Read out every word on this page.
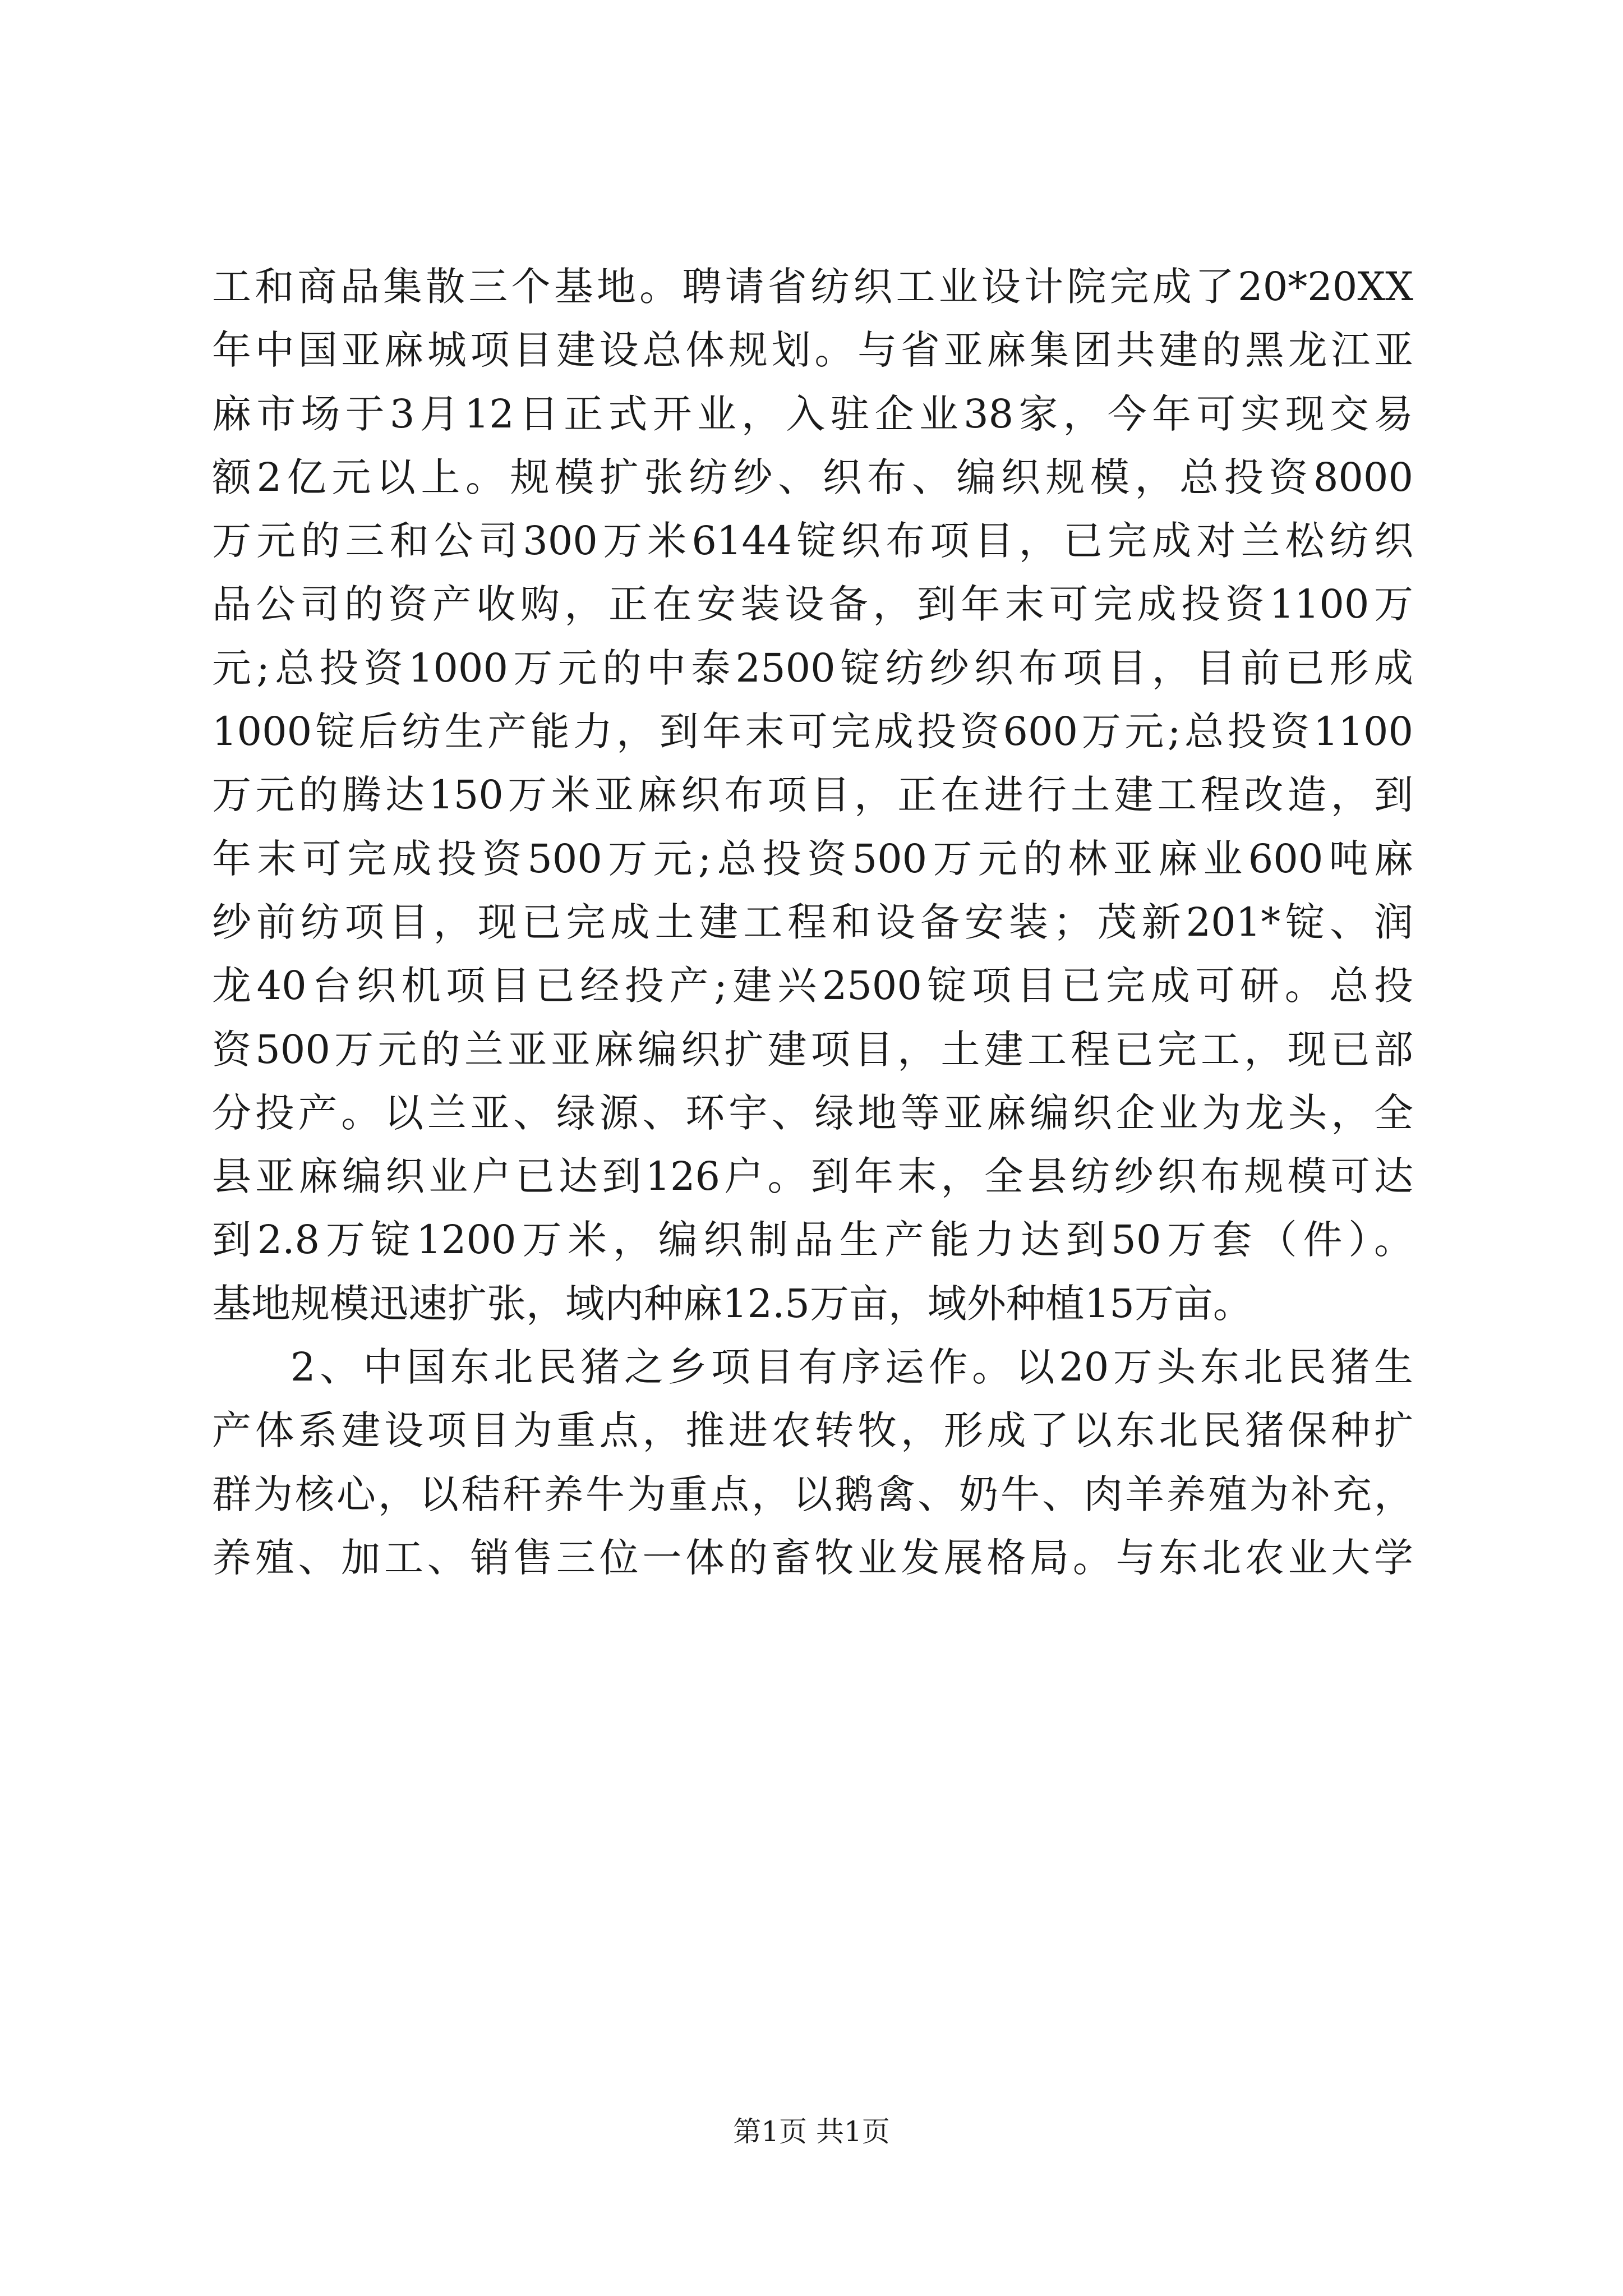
工和商品集散三个基地。聘请省纺织工业设计院完成了20*20XX
年中国亚麻城项目建设总体规划。与省亚麻集团共建的黑龙江亚
麻市场于3月12日正式开业，入驻企业38家，今年可实现交易
额2亿元以上。规模扩张纺纱、织布、编织规模，总投资8000
万元的三和公司300万米6144锭织布项目，已完成对兰松纺织
品公司的资产收购，正在安装设备，到年末可完成投资1100万
元;总投资1000万元的中泰2500锭纺纱织布项目，目前已形成
1000锭后纺生产能力，到年末可完成投资600万元;总投资1100
万元的腾达150万米亚麻织布项目，正在进行土建工程改造，到
年末可完成投资500万元;总投资500万元的林亚麻业600吨麻
纱前纺项目，现已完成土建工程和设备安装；茂新201*锭、润
龙40台织机项目已经投产;建兴2500锭项目已完成可研。总投
资500万元的兰亚亚麻编织扩建项目，土建工程已完工，现已部
分投产。以兰亚、绿源、环宇、绿地等亚麻编织企业为龙头，全
县亚麻编织业户已达到126户。到年末，全县纺纱织布规模可达
到2.8万锭1200万米，编织制品生产能力达到50万套（件）。
基地规模迅速扩张，域内种麻12.5万亩，域外种植15万亩。
2、中国东北民猪之乡项目有序运作。以20万头东北民猪生
产体系建设项目为重点，推进农转牧，形成了以东北民猪保种扩
群为核心，以秸秆养牛为重点，以鹅禽、奶牛、肉羊养殖为补充，
养殖、加工、销售三位一体的畜牧业发展格局。与东北农业大学
第1页 共1页
